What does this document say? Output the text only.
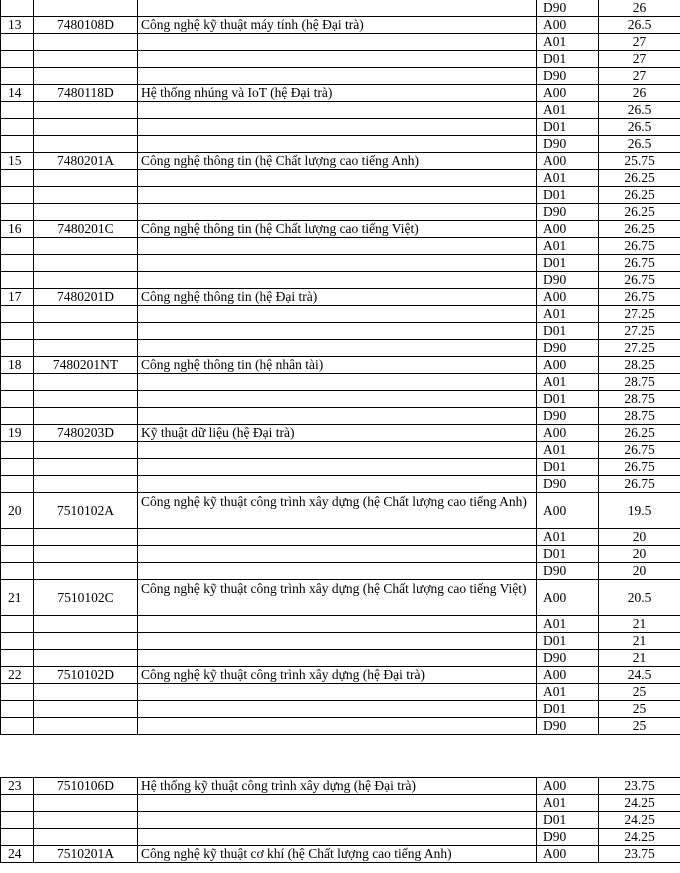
			D90	26
13	7480108D	Công nghệ kỹ thuật máy tính (hệ Đại trà)	A00	26.5
			A01	27
			D01	27
			D90	27
14	7480118D	Hệ thống nhúng và IoT (hệ Đại trà)	A00	26
			A01	26.5
			D01	26.5
			D90	26.5
15	7480201A	Công nghệ thông tin (hệ Chất lượng cao tiếng Anh)	A00	25.75
			A01	26.25
			D01	26.25
			D90	26.25
16	7480201C	Công nghệ thông tin (hệ Chất lượng cao tiếng Việt)	A00	26.25
			A01	26.75
			D01	26.75
			D90	26.75
17	7480201D	Công nghệ thông tin (hệ Đại trà)	A00	26.75
			A01	27.25
			D01	27.25
			D90	27.25
18	7480201NT	Công nghệ thông tin (hệ nhân tài)	A00	28.25
			A01	28.75
			D01	28.75
			D90	28.75
19	7480203D	Kỹ thuật dữ liệu (hệ Đại trà)	A00	26.25
			A01	26.75
			D01	26.75
			D90	26.75
20	7510102A	Công nghệ kỹ thuật công trình xây dựng (hệ Chất lượng cao tiếng Anh)	A00	19.5
			A01	20
			D01	20
			D90	20
21	7510102C	Công nghệ kỹ thuật công trình xây dựng (hệ Chất lượng cao tiếng Việt)	A00	20.5
			A01	21
			D01	21
			D90	21
22	7510102D	Công nghệ kỹ thuật công trình xây dựng (hệ Đại trà)	A00	24.5
			A01	25
			D01	25
			D90	25
23	7510106D	Hệ thống kỹ thuật công trình xây dựng (hệ Đại trà)	A00	23.75
			A01	24.25
			D01	24.25
			D90	24.25
24	7510201A	Công nghệ kỹ thuật cơ khí (hệ Chất lượng cao tiếng Anh)	A00	23.75
